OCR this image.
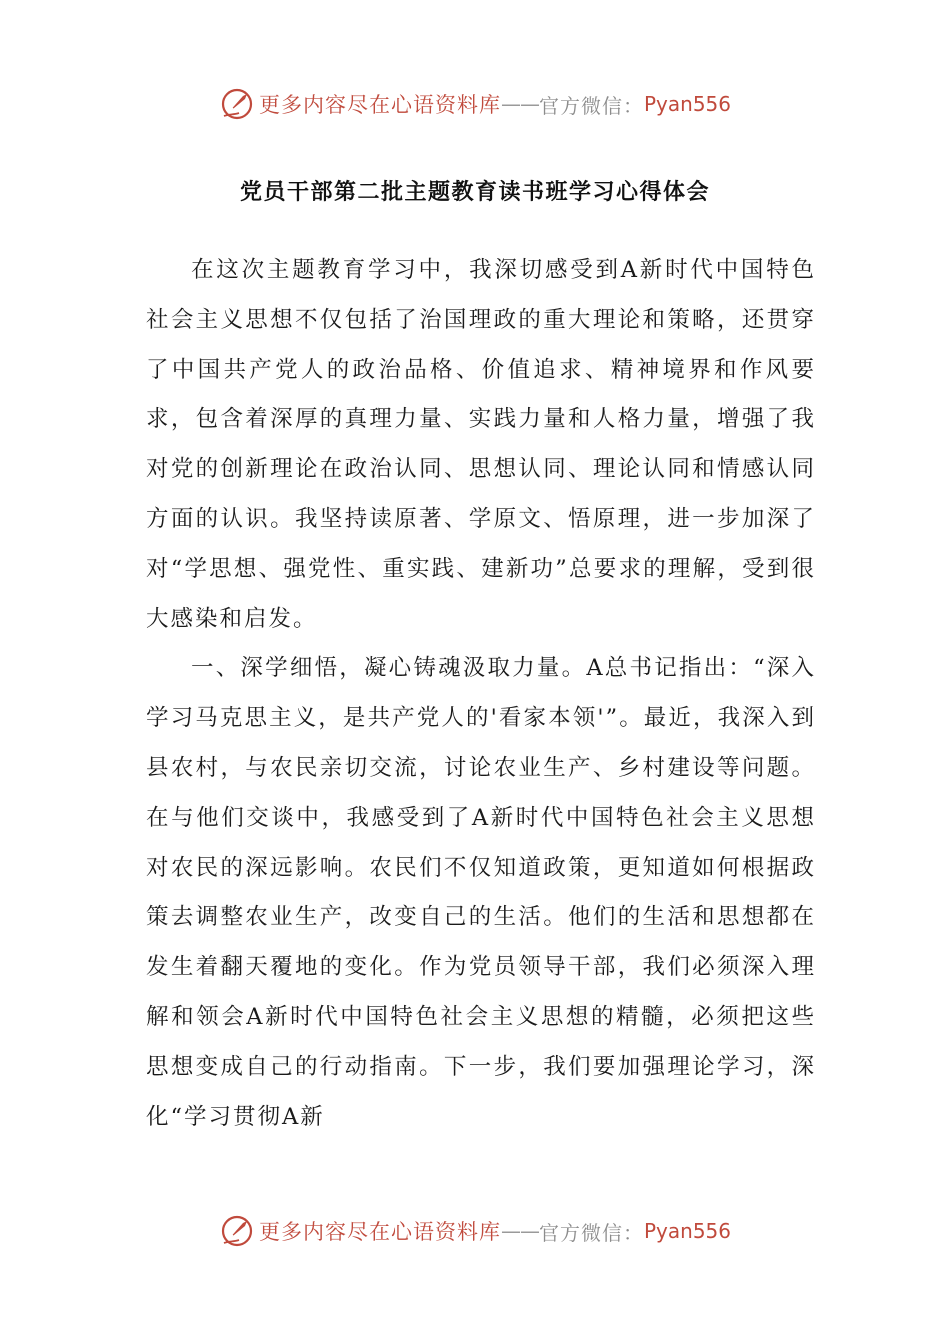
更多内容尽在心语资料库 —— 官方微信： Pyan556
党员干部第二批主题教育读书班学习心得体会

在这次主题教育学习中，我深切感受到A新时代中国特色社会主义思想不仅包括了治国理政的重大理论和策略，还贯穿了中国共产党人的政治品格、价值追求、精神境界和作风要求，包含着深厚的真理力量、实践力量和人格力量，增强了我对党的创新理论在政治认同、思想认同、理论认同和情感认同方面的认识。我坚持读原著、学原文、悟原理，进一步加深了对“学思想、强党性、重实践、建新功”总要求的理解，受到很大感染和启发。

一、深学细悟，凝心铸魂汲取力量。A总书记指出：“深入学习马克思主义，是共产党人的'看家本领'”。最近，我深入到县农村，与农民亲切交流，讨论农业生产、乡村建设等问题。在与他们交谈中，我感受到了A新时代中国特色社会主义思想对农民的深远影响。农民们不仅知道政策，更知道如何根据政策去调整农业生产，改变自己的生活。他们的生活和思想都在发生着翻天覆地的变化。作为党员领导干部，我们必须深入理解和领会A新时代中国特色社会主义思想的精髓，必须把这些思想变成自己的行动指南。下一步，我们要加强理论学习，深化“学习贯彻A新

更多内容尽在心语资料库 —— 官方微信： Pyan556
